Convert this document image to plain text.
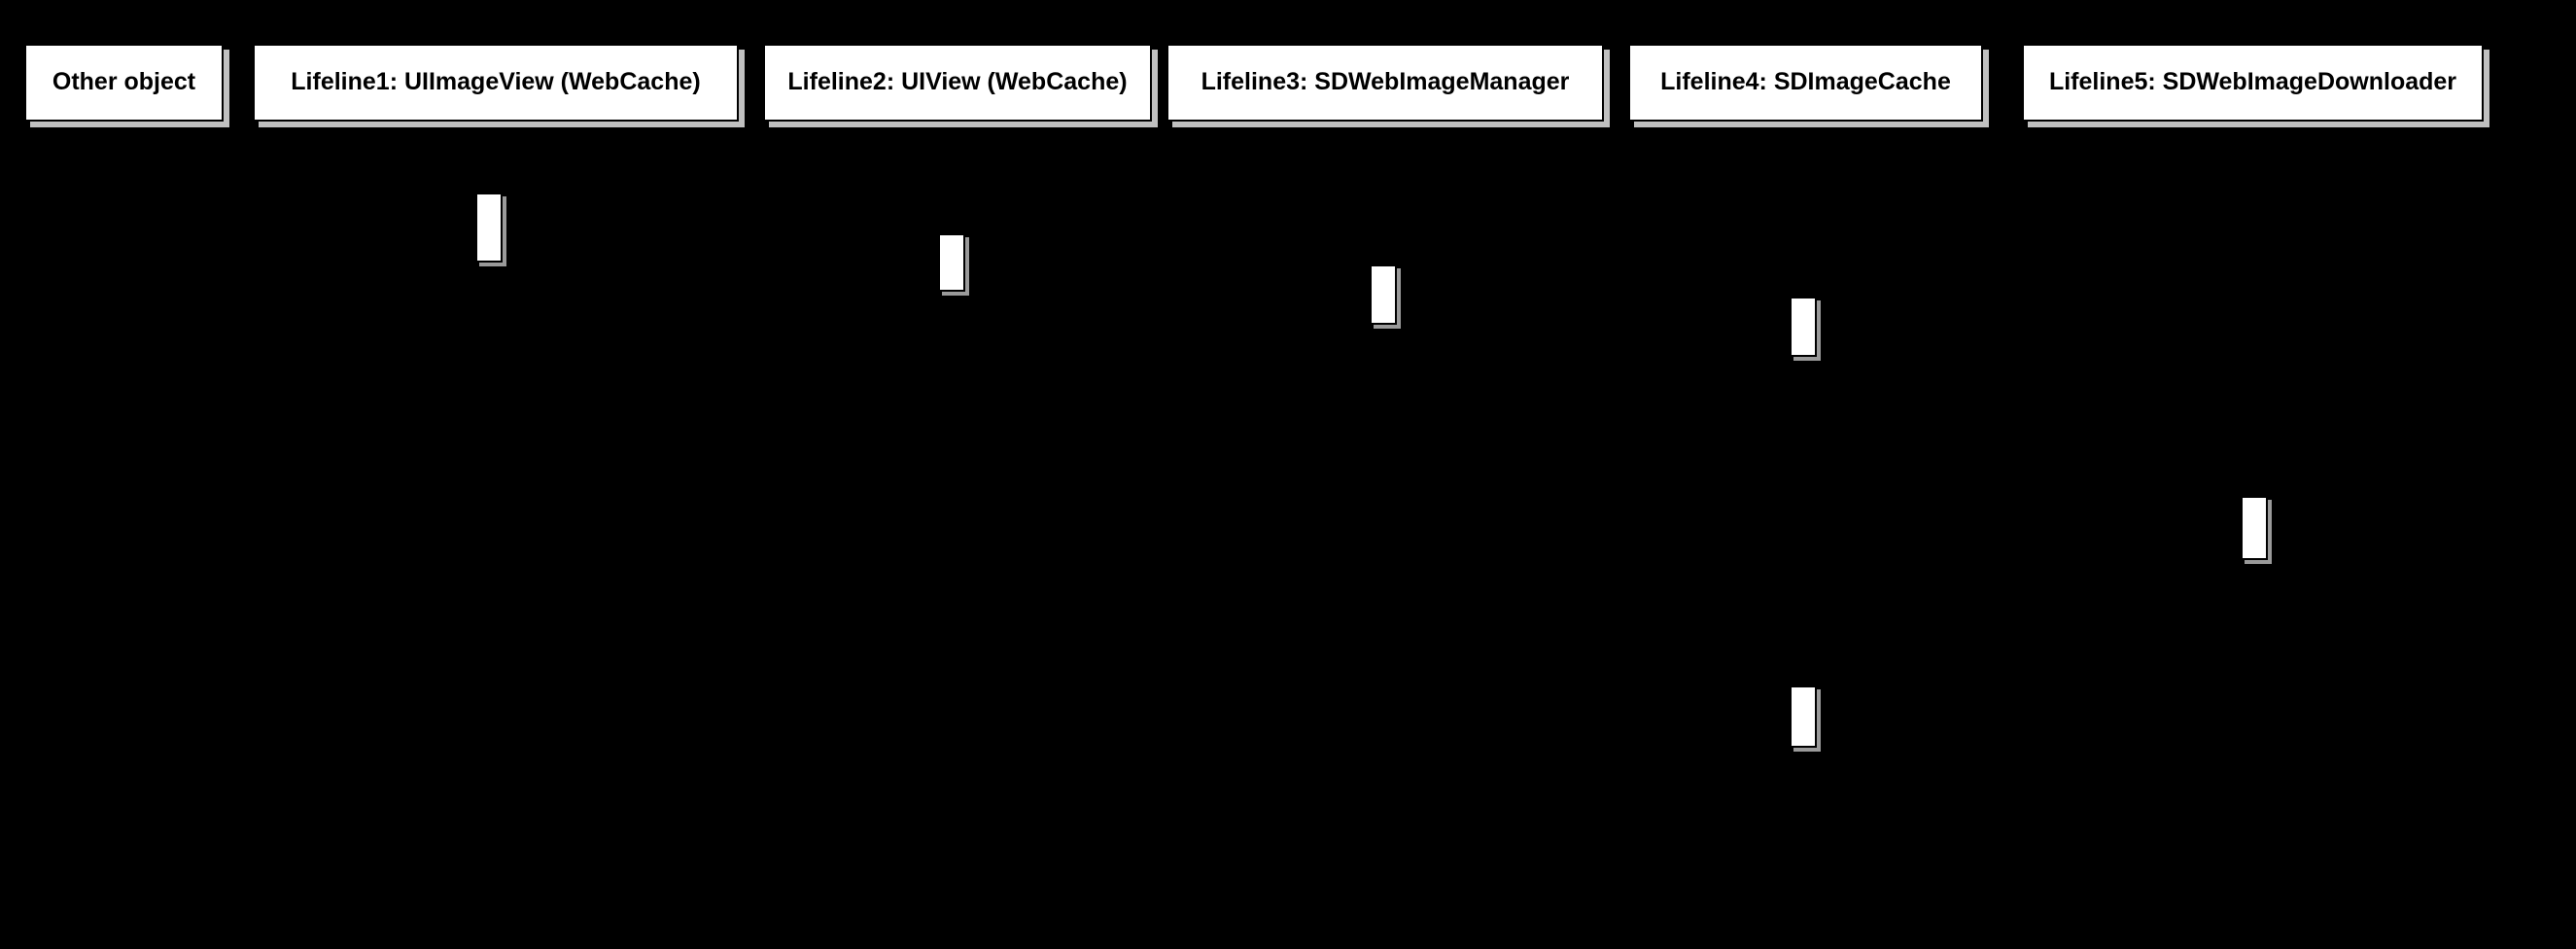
Other object	Lifeline1: UIImageView (WebCache)	Lifeline2: UIView (WebCache)	Lifeline3: SDWebImageManager	Lifeline4: SDImageCache	Lifeline5: SDWebImageDownloader
